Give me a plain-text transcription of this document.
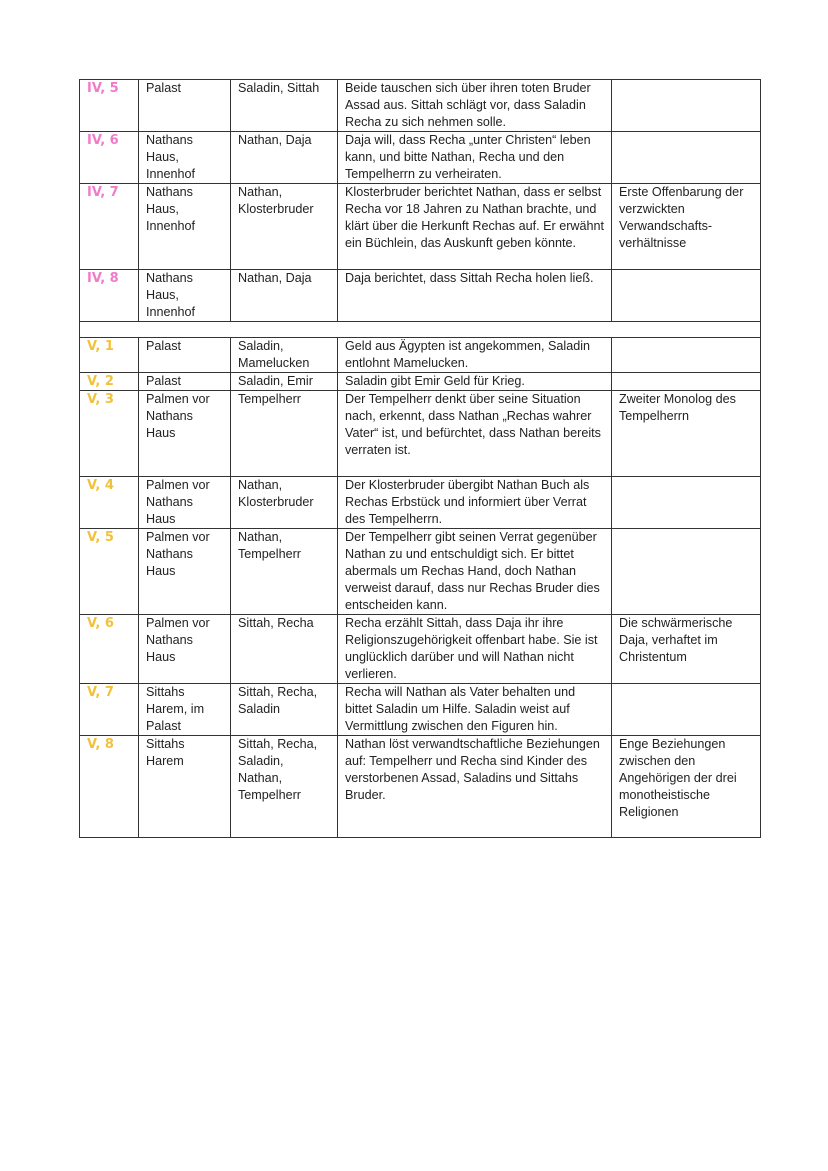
IV, 5	Palast	Saladin, Sittah	Beide tauschen sich über ihren toten Bruder Assad aus. Sittah schlägt vor, dass Saladin Recha zu sich nehmen solle.	
IV, 6	Nathans Haus, Innenhof	Nathan, Daja	Daja will, dass Recha „unter Christen“ leben kann, und bitte Nathan, Recha und den Tempelherrn zu verheiraten.	
IV, 7	Nathans Haus, Innenhof	Nathan, Klosterbruder	Klosterbruder berichtet Nathan, dass er selbst Recha vor 18 Jahren zu Nathan brachte, und klärt über die Herkunft Rechas auf. Er erwähnt ein Büchlein, das Auskunft geben könnte.	Erste Offenbarung der verzwickten Verwandschafts-verhältnisse
IV, 8	Nathans Haus, Innenhof	Nathan, Daja	Daja berichtet, dass Sittah Recha holen ließ.	

V, 1	Palast	Saladin, Mamelucken	Geld aus Ägypten ist angekommen, Saladin entlohnt Mamelucken.	
V, 2	Palast	Saladin, Emir	Saladin gibt Emir Geld für Krieg.	
V, 3	Palmen vor Nathans Haus	Tempelherr	Der Tempelherr denkt über seine Situation nach, erkennt, dass Nathan „Rechas wahrer Vater“ ist, und befürchtet, dass Nathan bereits verraten ist.	Zweiter Monolog des Tempelherrn
V, 4	Palmen vor Nathans Haus	Nathan, Klosterbruder	Der Klosterbruder übergibt Nathan Buch als Rechas Erbstück und informiert über Verrat des Tempelherrn.	
V, 5	Palmen vor Nathans Haus	Nathan, Tempelherr	Der Tempelherr gibt seinen Verrat gegenüber Nathan zu und entschuldigt sich. Er bittet abermals um Rechas Hand, doch Nathan verweist darauf, dass nur Rechas Bruder dies entscheiden kann.	
V, 6	Palmen vor Nathans Haus	Sittah, Recha	Recha erzählt Sittah, dass Daja ihr ihre Religionszugehörigkeit offenbart habe. Sie ist unglücklich darüber und will Nathan nicht verlieren.	Die schwärmerische Daja, verhaftet im Christentum
V, 7	Sittahs Harem, im Palast	Sittah, Recha, Saladin	Recha will Nathan als Vater behalten und bittet Saladin um Hilfe. Saladin weist auf Vermittlung zwischen den Figuren hin.	
V, 8	Sittahs Harem	Sittah, Recha, Saladin, Nathan, Tempelherr	Nathan löst verwandtschaftliche Beziehungen auf: Tempelherr und Recha sind Kinder des verstorbenen Assad, Saladins und Sittahs Bruder.	Enge Beziehungen zwischen den Angehörigen der drei monotheistische Religionen
